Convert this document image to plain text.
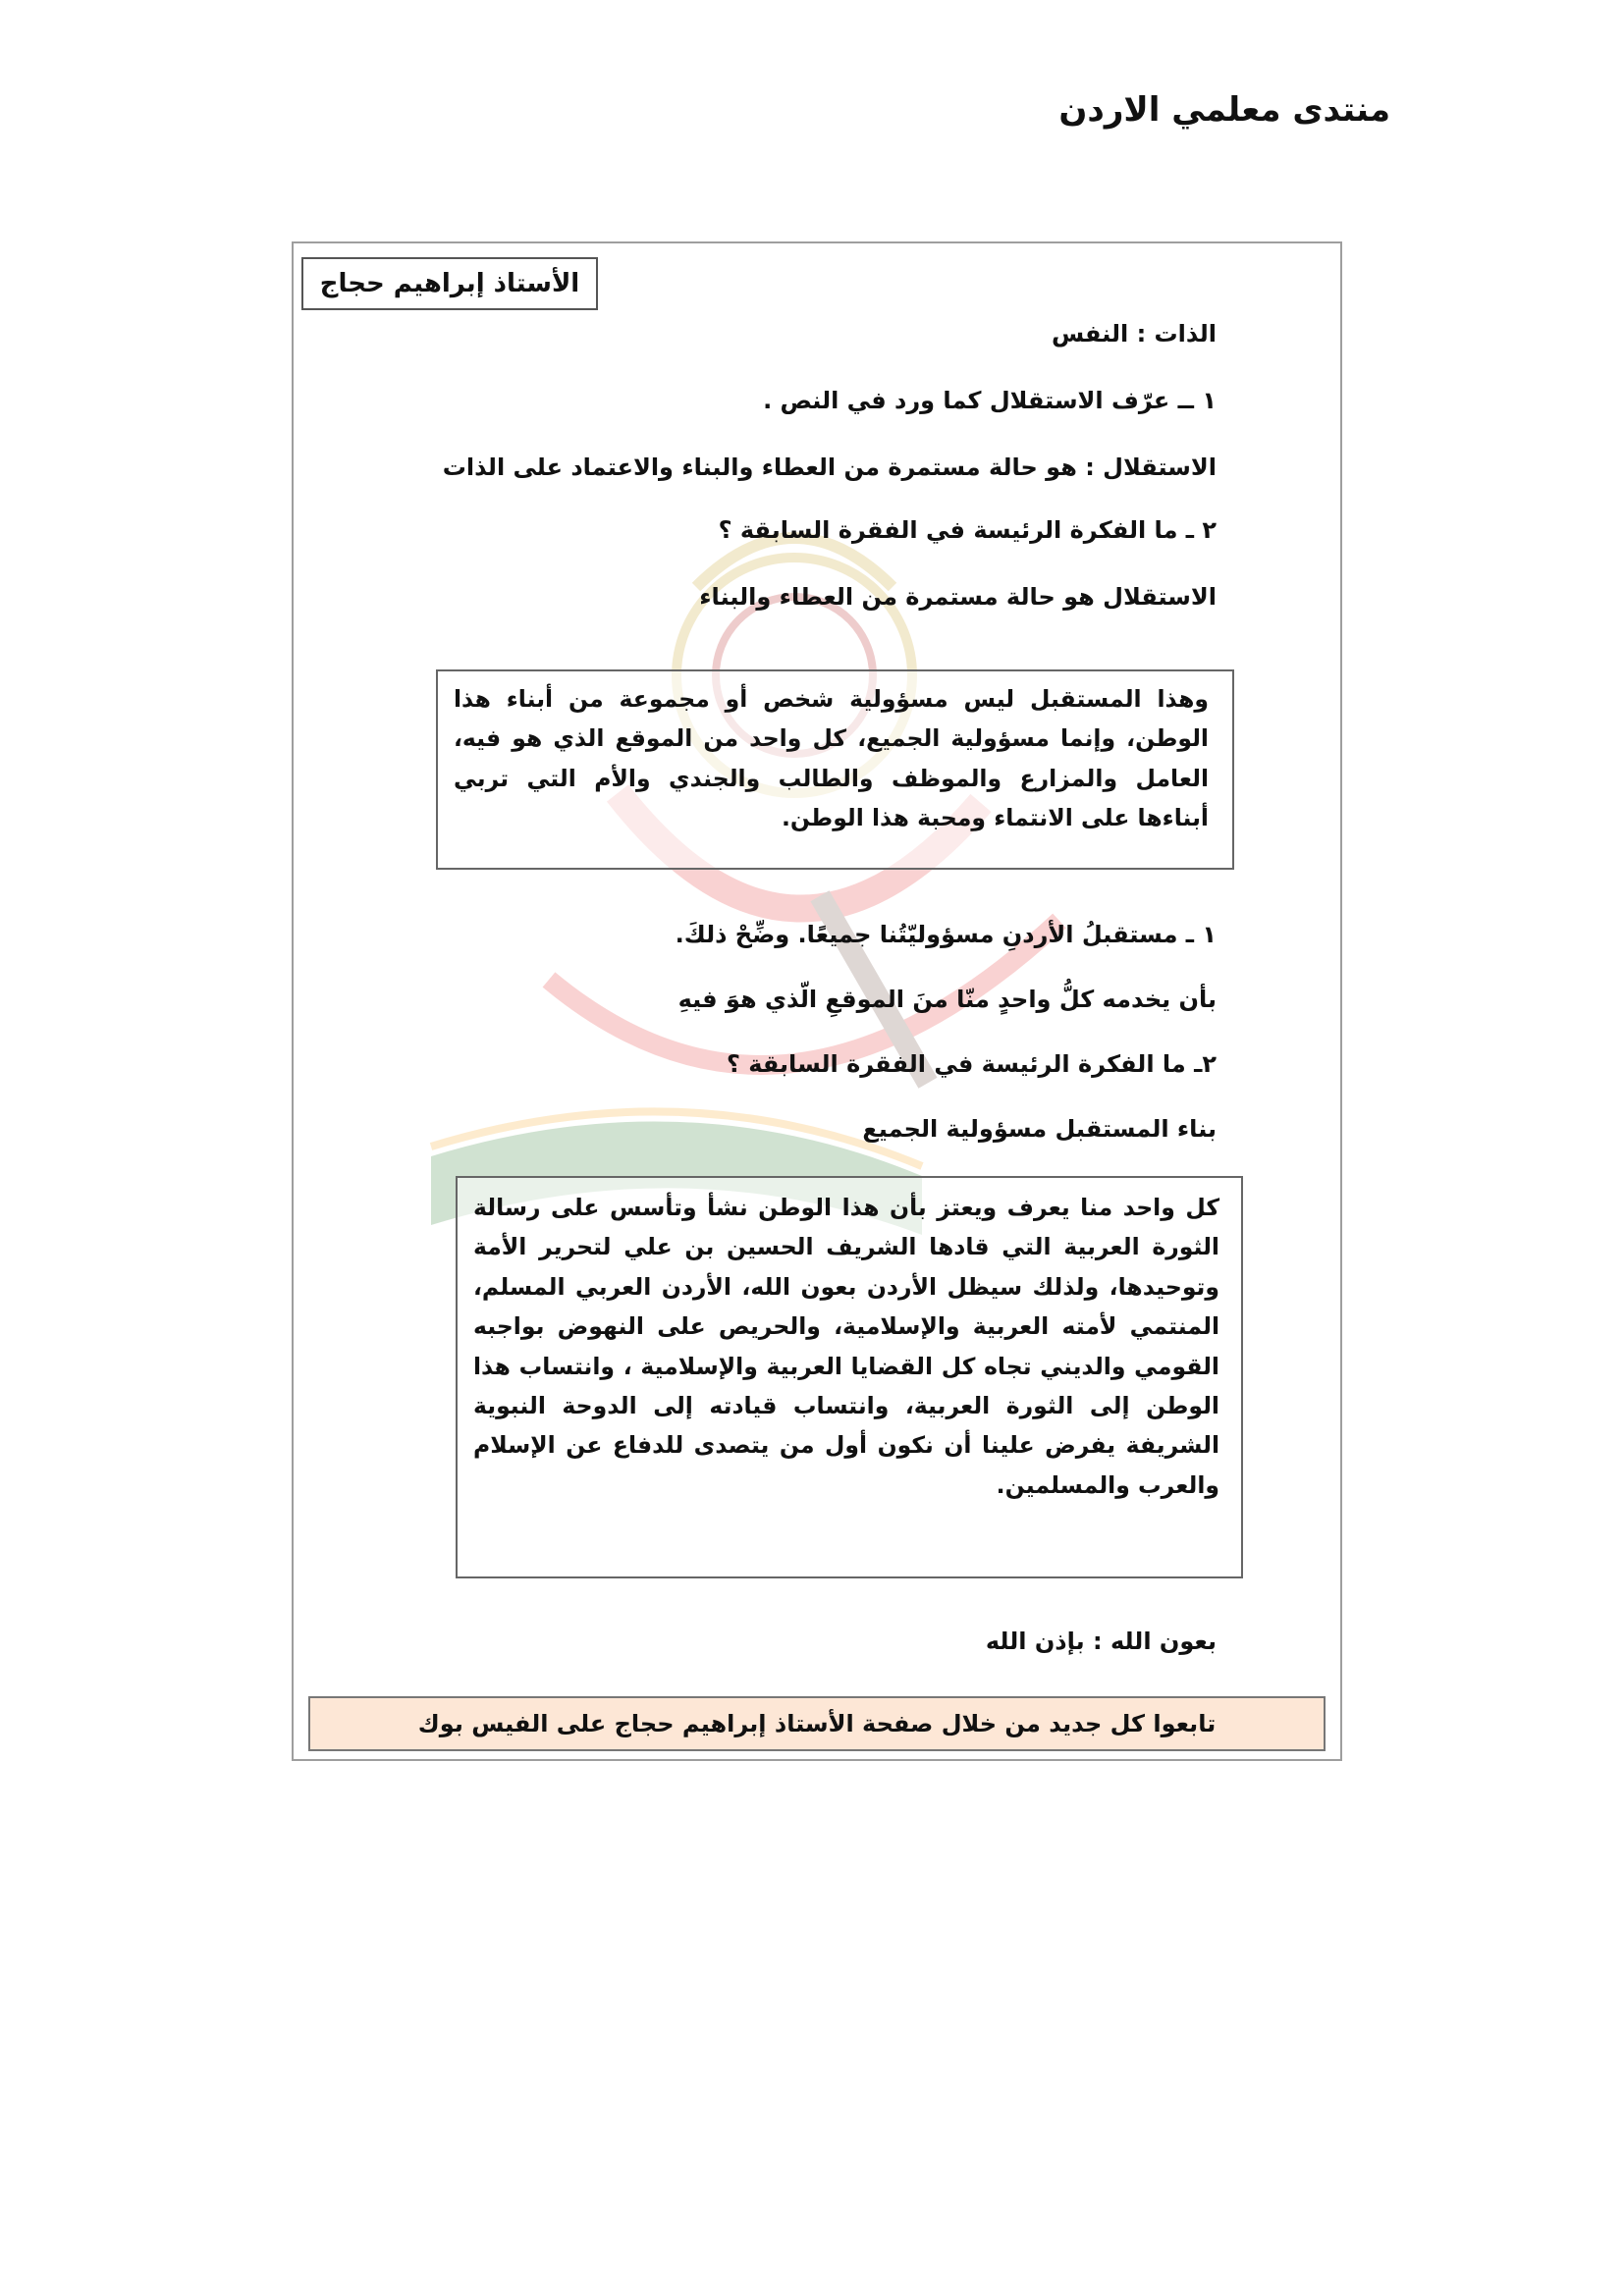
منتدى معلمي الاردن
الأستاذ إبراهيم حجاج
الذات : النفس
١ ــ عرّف الاستقلال كما ورد في النص .
الاستقلال : هو حالة مستمرة من العطاء والبناء والاعتماد على الذات
٢ ـ ما الفكرة الرئيسة في الفقرة السابقة ؟
الاستقلال هو حالة مستمرة من العطاء والبناء
وهذا المستقبل ليس مسؤولية شخص أو مجموعة من أبناء هذا الوطن، وإنما مسؤولية الجميع، كل واحد من الموقع الذي هو فيه، العامل والمزارع والموظف والطالب والجندي والأم التي تربي أبناءها على الانتماء ومحبة هذا الوطن.
١ ـ مستقبلُ الأردنِ مسؤوليّتُنا جميعًا. وضِّحْ ذلكَ.
بأن يخدمه كلُّ واحدٍ منّا منَ الموقعِ الّذي هوَ فيهِ
٢ـ ما الفكرة الرئيسة في الفقرة السابقة ؟
بناء المستقبل مسؤولية الجميع
كل واحد منا يعرف ويعتز بأن هذا الوطن نشأ وتأسس على رسالة الثورة العربية التي قادها الشريف الحسين بن علي لتحرير الأمة وتوحيدها، ولذلك سيظل الأردن بعون الله، الأردن العربي المسلم، المنتمي لأمته العربية والإسلامية، والحريص على النهوض بواجبه القومي والديني تجاه كل القضايا العربية والإسلامية ، وانتساب هذا الوطن إلى الثورة العربية، وانتساب قيادته إلى الدوحة النبوية الشريفة يفرض علينا أن نكون أول من يتصدى للدفاع عن الإسلام والعرب والمسلمين.
بعون الله : بإذن الله
تابعوا كل جديد من خلال صفحة الأستاذ إبراهيم حجاج على الفيس بوك
